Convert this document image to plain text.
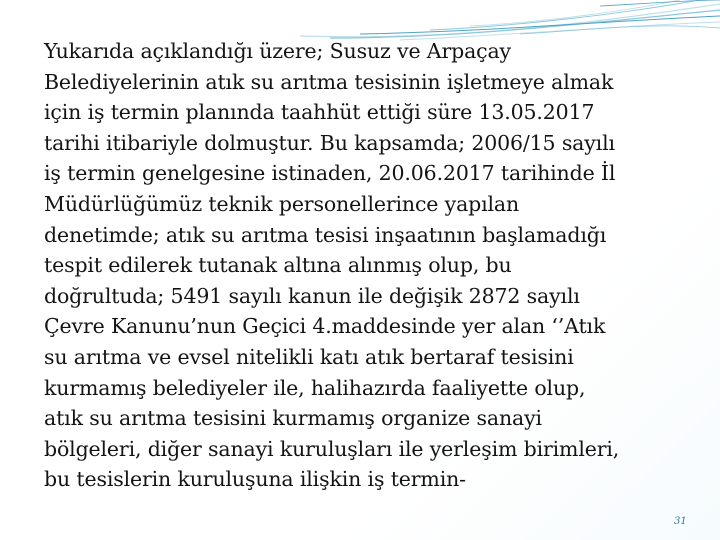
Yukarıda açıklandığı üzere; Susuz ve Arpaçay
Belediyelerinin atık su arıtma tesisinin işletmeye almak
için iş termin planında taahhüt ettiği süre 13.05.2017
tarihi itibariyle dolmuştur. Bu kapsamda; 2006/15 sayılı
iş termin genelgesine istinaden, 20.06.2017 tarihinde İl
Müdürlüğümüz teknik personellerince yapılan
denetimde; atık su arıtma tesisi inşaatının başlamadığı
tespit edilerek tutanak altına alınmış olup, bu
doğrultuda; 5491 sayılı kanun ile değişik 2872 sayılı
Çevre Kanunu’nun Geçici 4.maddesinde yer alan ‘’Atık
su arıtma ve evsel nitelikli katı atık bertaraf tesisini
kurmamış belediyeler ile, halihazırda faaliyette olup,
atık su arıtma tesisini kurmamış organize sanayi
bölgeleri, diğer sanayi kuruluşları ile yerleşim birimleri,
bu tesislerin kuruluşuna ilişkin iş termin-

31
